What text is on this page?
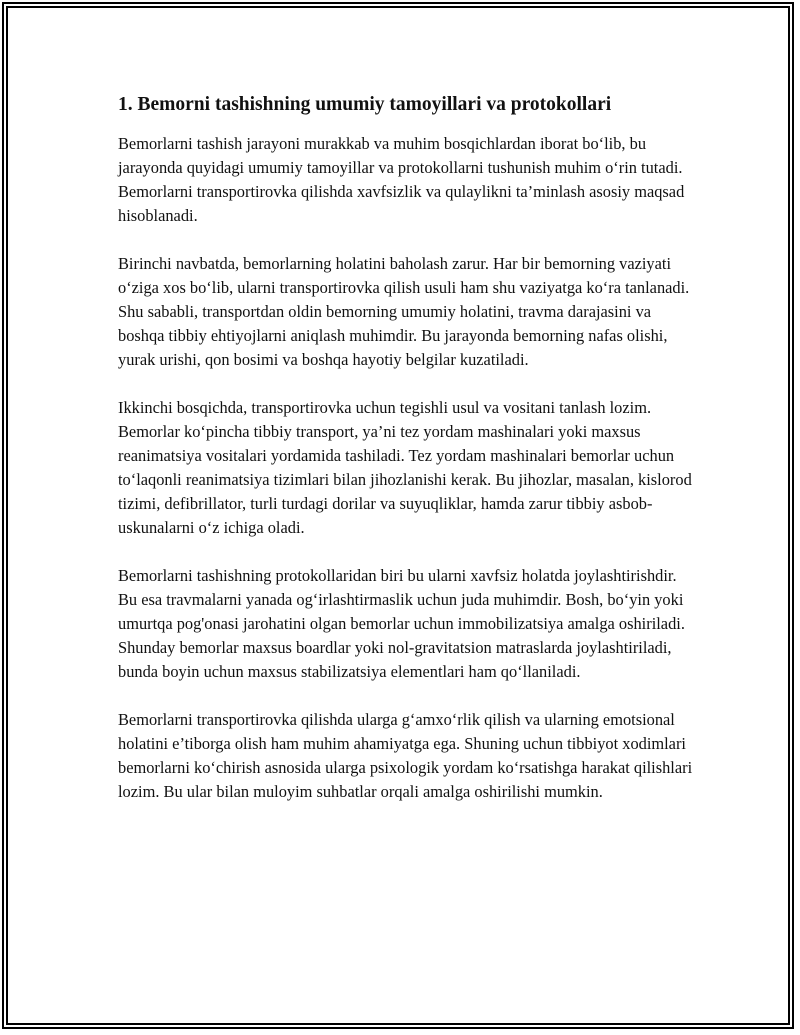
1. Bemorni tashishning umumiy tamoyillari va protokollari

Bemorlarni tashish jarayoni murakkab va muhim bosqichlardan iborat bo‘lib, bu jarayonda quyidagi umumiy tamoyillar va protokollarni tushunish muhim o‘rin tutadi. Bemorlarni transportirovka qilishda xavfsizlik va qulaylikni ta’minlash asosiy maqsad hisoblanadi.

Birinchi navbatda, bemorlarning holatini baholash zarur. Har bir bemorning vaziyati o‘ziga xos bo‘lib, ularni transportirovka qilish usuli ham shu vaziyatga ko‘ra tanlanadi. Shu sababli, transportdan oldin bemorning umumiy holatini, travma darajasini va boshqa tibbiy ehtiyojlarni aniqlash muhimdir. Bu jarayonda bemorning nafas olishi, yurak urishi, qon bosimi va boshqa hayotiy belgilar kuzatiladi.

Ikkinchi bosqichda, transportirovka uchun tegishli usul va vositani tanlash lozim. Bemorlar ko‘pincha tibbiy transport, ya’ni tez yordam mashinalari yoki maxsus reanimatsiya vositalari yordamida tashiladi. Tez yordam mashinalari bemorlar uchun to‘laqonli reanimatsiya tizimlari bilan jihozlanishi kerak. Bu jihozlar, masalan, kislorod tizimi, defibrillator, turli turdagi dorilar va suyuqliklar, hamda zarur tibbiy asbob-uskunalarni o‘z ichiga oladi.

Bemorlarni tashishning protokollaridan biri bu ularni xavfsiz holatda joylashtirishdir. Bu esa travmalarni yanada og‘irlashtirmaslik uchun juda muhimdir. Bosh, bo‘yin yoki umurtqa pog'onasi jarohatini olgan bemorlar uchun immobilizatsiya amalga oshiriladi. Shunday bemorlar maxsus boardlar yoki nol-gravitatsion matraslarda joylashtiriladi, bunda boyin uchun maxsus stabilizatsiya elementlari ham qo‘llaniladi.

Bemorlarni transportirovka qilishda ularga g‘amxo‘rlik qilish va ularning emotsional holatini e’tiborga olish ham muhim ahamiyatga ega. Shuning uchun tibbiyot xodimlari bemorlarni ko‘chirish asnosida ularga psixologik yordam ko‘rsatishga harakat qilishlari lozim. Bu ular bilan muloyim suhbatlar orqali amalga oshirilishi mumkin.
